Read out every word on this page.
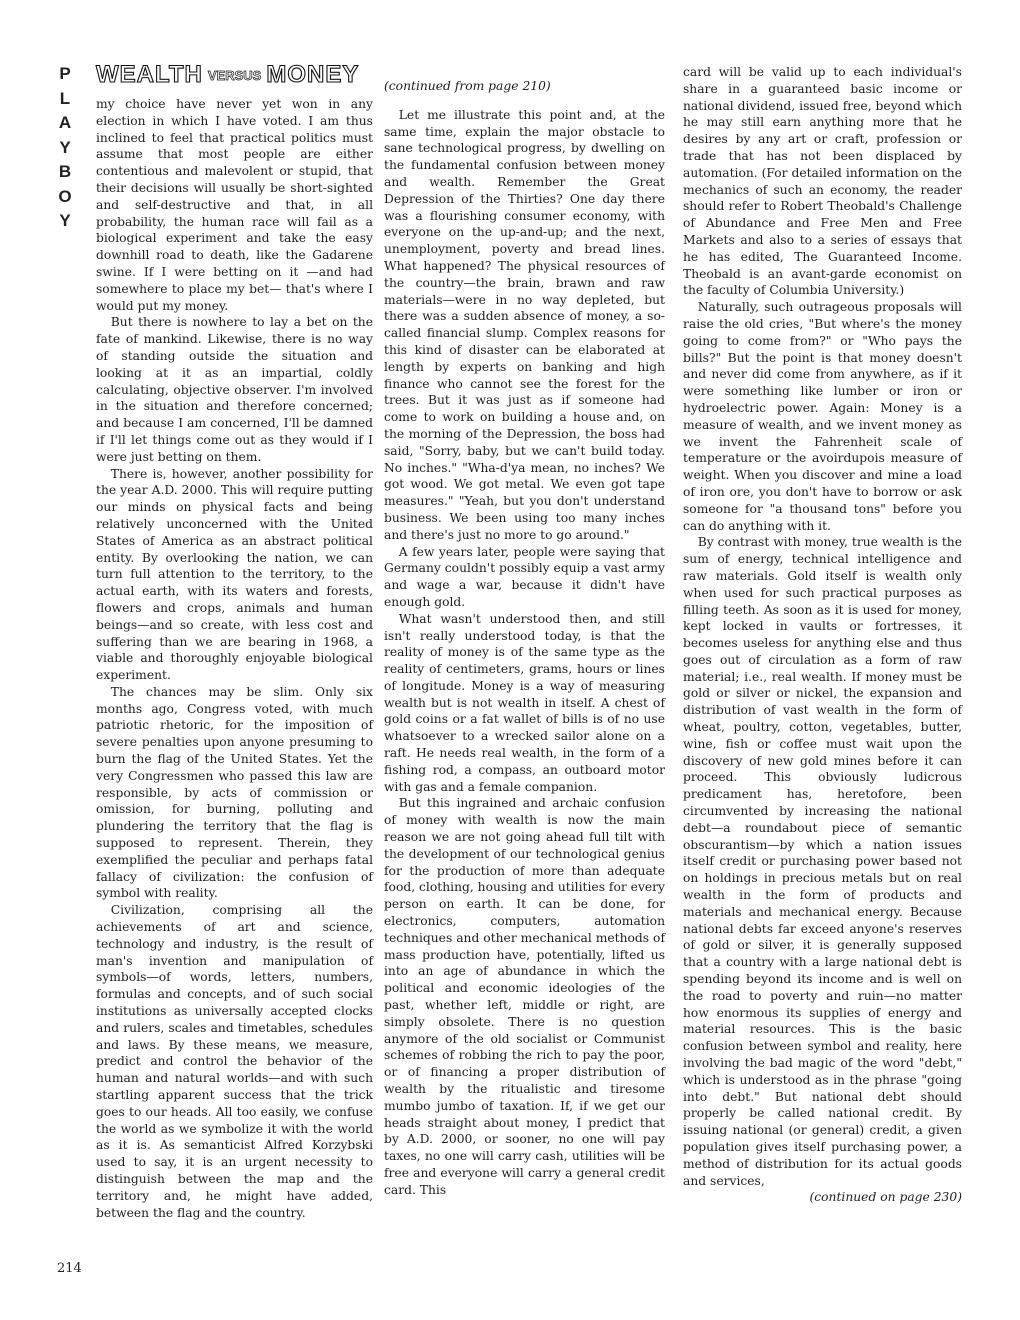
P
L
A
Y
B
O
Y
WEALTH VERSUS MONEY

my choice have never yet won in any election in which I have voted. I am thus inclined to feel that practical politics must assume that most people are either contentious and malevolent or stupid, that their decisions will usually be short-sighted and self-destructive and that, in all probability, the human race will fail as a biological experiment and take the easy downhill road to death, like the Gadarene swine. If I were betting on it —and had somewhere to place my bet— that's where I would put my money.

But there is nowhere to lay a bet on the fate of mankind. Likewise, there is no way of standing outside the situation and looking at it as an impartial, coldly calculating, objective observer. I'm involved in the situation and therefore concerned; and because I am concerned, I'll be damned if I'll let things come out as they would if I were just betting on them.

There is, however, another possibility for the year A.D. 2000. This will require putting our minds on physical facts and being relatively unconcerned with the United States of America as an abstract political entity. By overlooking the nation, we can turn full attention to the territory, to the actual earth, with its waters and forests, flowers and crops, animals and human beings—and so create, with less cost and suffering than we are bearing in 1968, a viable and thoroughly enjoyable biological experiment.

The chances may be slim. Only six months ago, Congress voted, with much patriotic rhetoric, for the imposition of severe penalties upon anyone presuming to burn the flag of the United States. Yet the very Congressmen who passed this law are responsible, by acts of commission or omission, for burning, polluting and plundering the territory that the flag is supposed to represent. Therein, they exemplified the peculiar and perhaps fatal fallacy of civilization: the confusion of symbol with reality.

Civilization, comprising all the achievements of art and science, technology and industry, is the result of man's invention and manipulation of symbols—of words, letters, numbers, formulas and concepts, and of such social institutions as universally accepted clocks and rulers, scales and timetables, schedules and laws. By these means, we measure, predict and control the behavior of the human and natural worlds—and with such startling apparent success that the trick goes to our heads. All too easily, we confuse the world as we symbolize it with the world as it is. As semanticist Alfred Korzybski used to say, it is an urgent necessity to distinguish between the map and the territory and, he might have added, between the flag and the country.

(continued from page 210)

Let me illustrate this point and, at the same time, explain the major obstacle to sane technological progress, by dwelling on the fundamental confusion between money and wealth. Remember the Great Depression of the Thirties? One day there was a flourishing consumer economy, with everyone on the up-and-up; and the next, unemployment, poverty and bread lines. What happened? The physical resources of the country—the brain, brawn and raw materials—were in no way depleted, but there was a sudden absence of money, a so-called financial slump. Complex reasons for this kind of disaster can be elaborated at length by experts on banking and high finance who cannot see the forest for the trees. But it was just as if someone had come to work on building a house and, on the morning of the Depression, the boss had said, "Sorry, baby, but we can't build today. No inches." "Wha-d'ya mean, no inches? We got wood. We got metal. We even got tape measures." "Yeah, but you don't understand business. We been using too many inches and there's just no more to go around."

A few years later, people were saying that Germany couldn't possibly equip a vast army and wage a war, because it didn't have enough gold.

What wasn't understood then, and still isn't really understood today, is that the reality of money is of the same type as the reality of centimeters, grams, hours or lines of longitude. Money is a way of measuring wealth but is not wealth in itself. A chest of gold coins or a fat wallet of bills is of no use whatsoever to a wrecked sailor alone on a raft. He needs real wealth, in the form of a fishing rod, a compass, an outboard motor with gas and a female companion.

But this ingrained and archaic confusion of money with wealth is now the main reason we are not going ahead full tilt with the development of our technological genius for the production of more than adequate food, clothing, housing and utilities for every person on earth. It can be done, for electronics, computers, automation techniques and other mechanical methods of mass production have, potentially, lifted us into an age of abundance in which the political and economic ideologies of the past, whether left, middle or right, are simply obsolete. There is no question anymore of the old socialist or Communist schemes of robbing the rich to pay the poor, or of financing a proper distribution of wealth by the ritualistic and tiresome mumbo jumbo of taxation. If, if we get our heads straight about money, I predict that by A.D. 2000, or sooner, no one will pay taxes, no one will carry cash, utilities will be free and everyone will carry a general credit card. This

card will be valid up to each individual's share in a guaranteed basic income or national dividend, issued free, beyond which he may still earn anything more that he desires by any art or craft, profession or trade that has not been displaced by automation. (For detailed information on the mechanics of such an economy, the reader should refer to Robert Theobald's Challenge of Abundance and Free Men and Free Markets and also to a series of essays that he has edited, The Guaranteed Income. Theobald is an avant-garde economist on the faculty of Columbia University.)

Naturally, such outrageous proposals will raise the old cries, "But where's the money going to come from?" or "Who pays the bills?" But the point is that money doesn't and never did come from anywhere, as if it were something like lumber or iron or hydroelectric power. Again: Money is a measure of wealth, and we invent money as we invent the Fahrenheit scale of temperature or the avoirdupois measure of weight. When you discover and mine a load of iron ore, you don't have to borrow or ask someone for "a thousand tons" before you can do anything with it.

By contrast with money, true wealth is the sum of energy, technical intelligence and raw materials. Gold itself is wealth only when used for such practical purposes as filling teeth. As soon as it is used for money, kept locked in vaults or fortresses, it becomes useless for anything else and thus goes out of circulation as a form of raw material; i.e., real wealth. If money must be gold or silver or nickel, the expansion and distribution of vast wealth in the form of wheat, poultry, cotton, vegetables, butter, wine, fish or coffee must wait upon the discovery of new gold mines before it can proceed. This obviously ludicrous predicament has, heretofore, been circumvented by increasing the national debt—a roundabout piece of semantic obscurantism—by which a nation issues itself credit or purchasing power based not on holdings in precious metals but on real wealth in the form of products and materials and mechanical energy. Because national debts far exceed anyone's reserves of gold or silver, it is generally supposed that a country with a large national debt is spending beyond its income and is well on the road to poverty and ruin—no matter how enormous its supplies of energy and material resources. This is the basic confusion between symbol and reality, here involving the bad magic of the word "debt," which is understood as in the phrase "going into debt." But national debt should properly be called national credit. By issuing national (or general) credit, a given population gives itself purchasing power, a method of distribution for its actual goods and services,

(continued on page 230)

214
